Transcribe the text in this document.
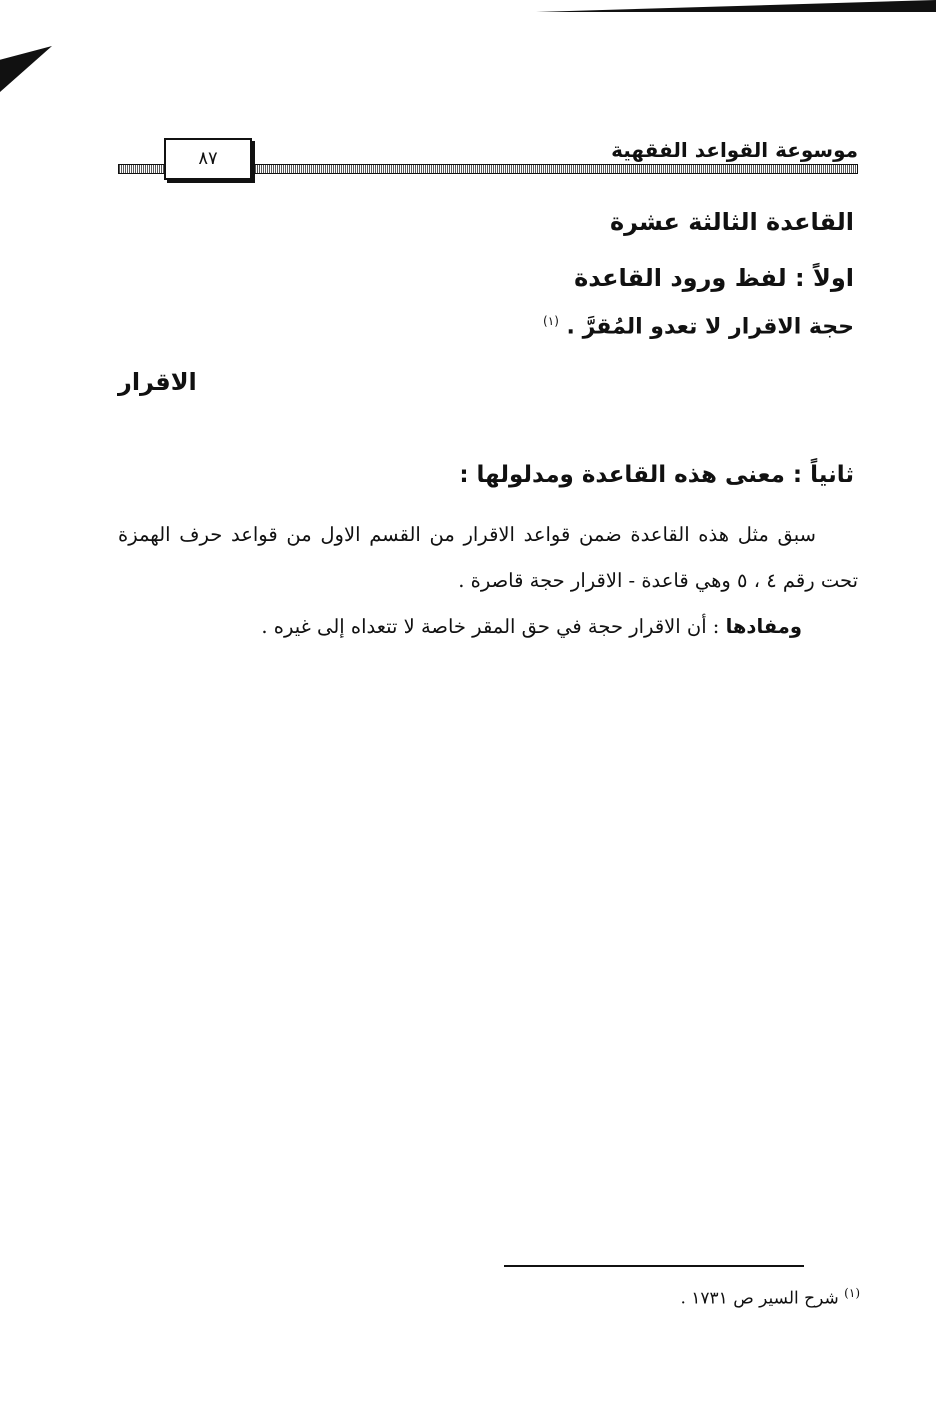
موسوعة القواعد الفقهية
٨٧
القاعدة الثالثة عشرة
اولاً : لفظ ورود القاعدة
حجة الاقرار لا تعدو المُقرَّ . $^{(١)}$
الاقرار
ثانياً : معنى هذه القاعدة ومدلولها :
سبق مثل هذه القاعدة ضمن قواعد الاقرار من القسم الاول من قواعد حرف الهمزة تحت رقم ٤ ، ٥ وهي قاعدة - الاقرار حجة قاصرة .
ومفادها : أن الاقرار حجة في حق المقر خاصة لا تتعداه إلى غيره .
$^{(١)}$ شرح السير ص ١٧٣١ .
